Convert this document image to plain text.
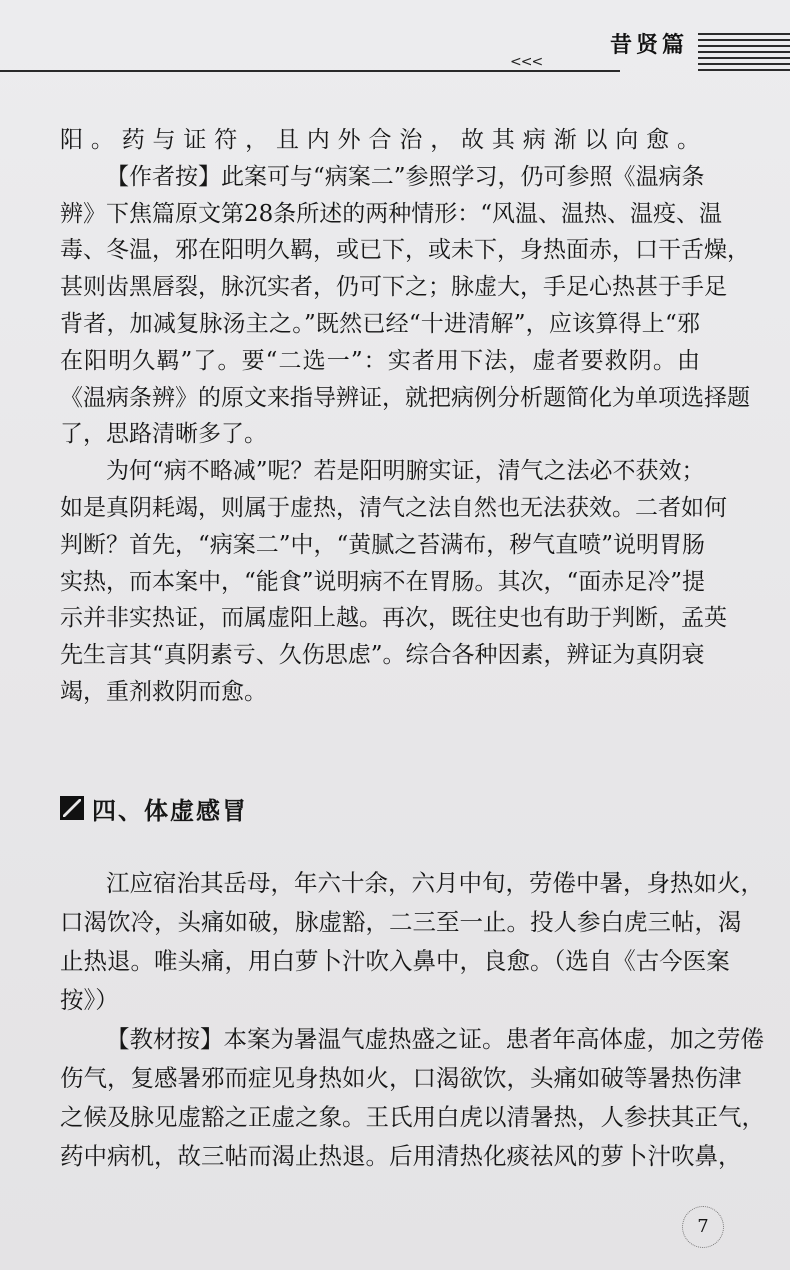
<<<
昔贤篇
阳。药与证符，且内外合治，故其病渐以向愈。
【作者按】此案可与“病案二”参照学习，仍可参照《温病条
辨》下焦篇原文第28条所述的两种情形：“风温、温热、温疫、温
毒、冬温，邪在阳明久羁，或已下，或未下，身热面赤，口干舌燥，
甚则齿黑唇裂，脉沉实者，仍可下之；脉虚大，手足心热甚于手足
背者，加减复脉汤主之。”既然已经“十进清解”，应该算得上“邪
在阳明久羁”了。要“二选一”：实者用下法，虚者要救阴。由
《温病条辨》的原文来指导辨证，就把病例分析题简化为单项选择题
了，思路清晰多了。
为何“病不略减”呢？若是阳明腑实证，清气之法必不获效；
如是真阴耗竭，则属于虚热，清气之法自然也无法获效。二者如何
判断？首先，“病案二”中，“黄腻之苔满布，秽气直喷”说明胃肠
实热，而本案中，“能食”说明病不在胃肠。其次，“面赤足冷”提
示并非实热证，而属虚阳上越。再次，既往史也有助于判断，孟英
先生言其“真阴素亏、久伤思虑”。综合各种因素，辨证为真阴衰
竭，重剂救阴而愈。
四、体虚感冒
江应宿治其岳母，年六十余，六月中旬，劳倦中暑，身热如火，
口渴饮冷，头痛如破，脉虚豁，二三至一止。投人参白虎三帖，渴
止热退。唯头痛，用白萝卜汁吹入鼻中，良愈。（选自《古今医案
按》）
【教材按】本案为暑温气虚热盛之证。患者年高体虚，加之劳倦
伤气，复感暑邪而症见身热如火，口渴欲饮，头痛如破等暑热伤津
之候及脉见虚豁之正虚之象。王氏用白虎以清暑热，人参扶其正气，
药中病机，故三帖而渴止热退。后用清热化痰祛风的萝卜汁吹鼻，
7
